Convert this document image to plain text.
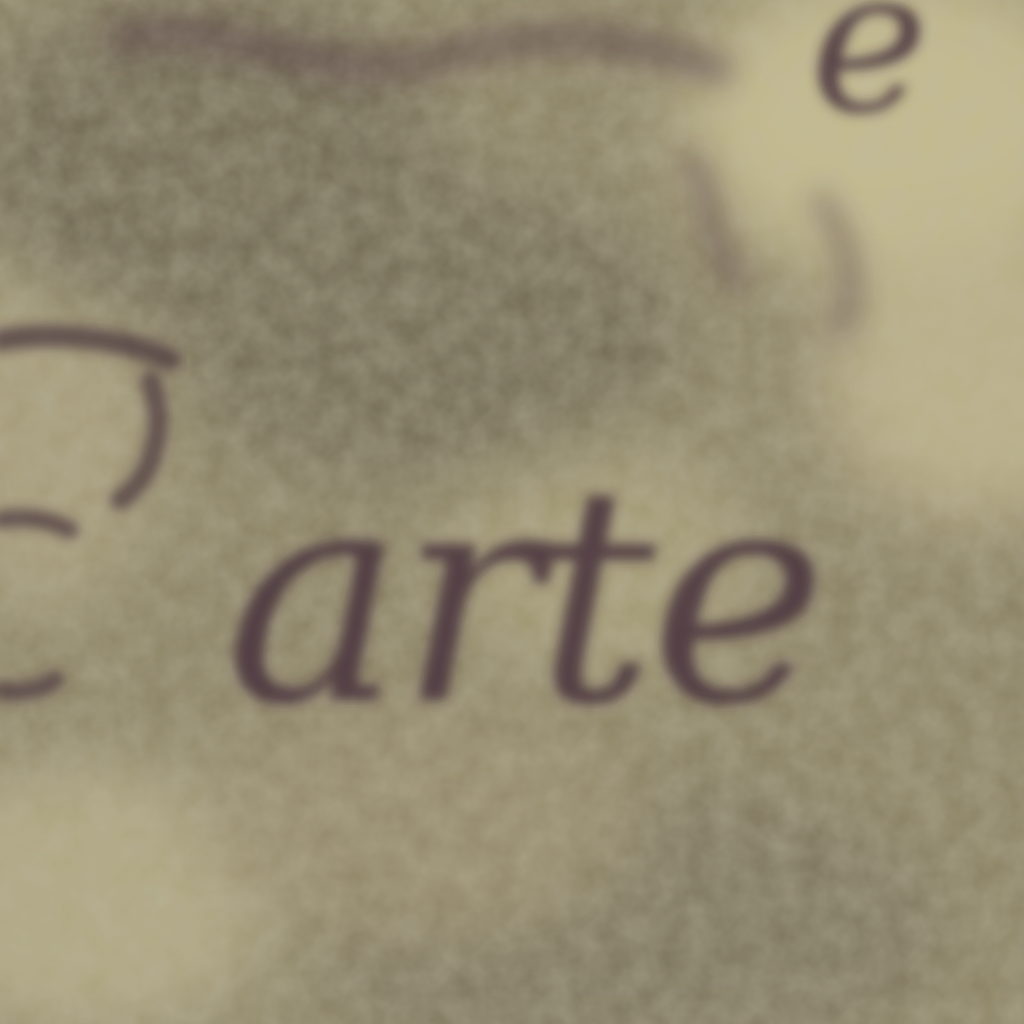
e
arte
